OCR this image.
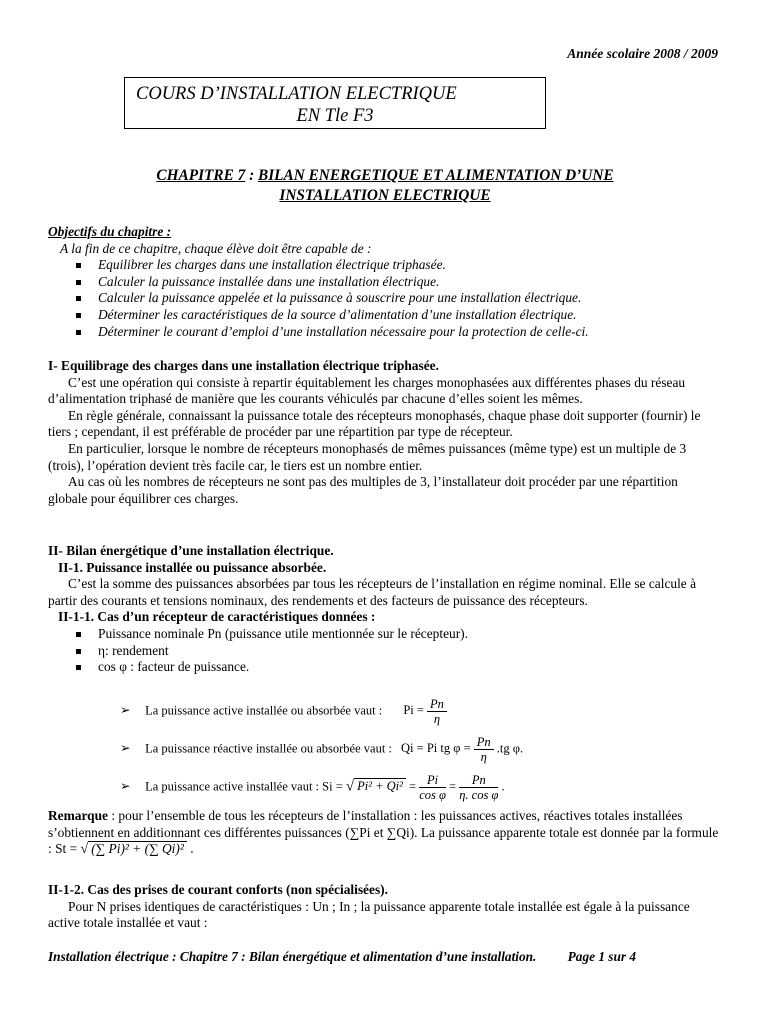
Année scolaire 2008 / 2009
COURS D’INSTALLATION ELECTRIQUE
EN Tle F3
CHAPITRE 7 : BILAN ENERGETIQUE ET ALIMENTATION D’UNE
INSTALLATION ELECTRIQUE
Objectifs du chapitre :
A la fin de ce chapitre, chaque élève doit être capable de :
Equilibrer les charges dans une installation électrique triphasée.
Calculer la puissance installée dans une installation électrique.
Calculer la puissance appelée et la puissance à souscrire pour une installation électrique.
Déterminer les caractéristiques de la source d’alimentation d’une installation électrique.
Déterminer le courant d’emploi d’une installation nécessaire pour la protection de celle-ci.
I- Equilibrage des charges dans une installation électrique triphasée.
C’est une opération qui consiste à repartir équitablement les charges monophasées aux différentes phases du réseau d’alimentation triphasé de manière que les courants véhiculés par chacune d’elles soient les mêmes.
En règle générale, connaissant la puissance totale des récepteurs monophasés, chaque phase doit supporter (fournir) le tiers ; cependant, il est préférable de procéder par une répartition par type de récepteur.
En particulier, lorsque le nombre de récepteurs monophasés de mêmes puissances (même type) est un multiple de 3 (trois), l’opération devient très facile car, le tiers est un nombre entier.
Au cas où les nombres de récepteurs ne sont pas des multiples de 3, l’installateur doit procéder par une répartition globale pour équilibrer ces charges.
II- Bilan énergétique d’une installation électrique.
II-1. Puissance installée ou puissance absorbée.
C’est la somme des puissances absorbées par tous les récepteurs de l’installation en régime nominal. Elle se calcule à partir des courants et tensions nominaux, des rendements et des facteurs de puissance des récepteurs.
II-1-1. Cas d’un récepteur de caractéristiques données :
Puissance nominale Pn (puissance utile mentionnée sur le récepteur).
η: rendement
cos φ : facteur de puissance.
➢ La puissance active installée ou absorbée vaut : $Pi = \frac{Pn}{\eta}$
➢ La puissance réactive installée ou absorbée vaut : Qi = Pi tg $\varphi = \frac{Pn}{\eta} .tg$ φ.
➢ La puissance active installée vaut : Si = √ $Pi^2 + Qi^2 = \frac{Pi}{\text{cos φ}} = \frac{Pn}{\text{η. cos φ}}$ .
Remarque : pour l’ensemble de tous les récepteurs de l’installation : les puissances actives, réactives totales installées s’obtiennent en additionnant ces différentes puissances (∑Pi et ∑Qi). La puissance apparente totale est donnée par la formule : St = √ (∑ Pi)² + (∑ Qi)² .
II-1-2. Cas des prises de courant conforts (non spécialisées).
Pour N prises identiques de caractéristiques : Un ; In ; la puissance apparente totale installée est égale à la puissance active totale installée et vaut :
Installation électrique : Chapitre 7 : Bilan énergétique et alimentation d’une installation. Page 1 sur 4
